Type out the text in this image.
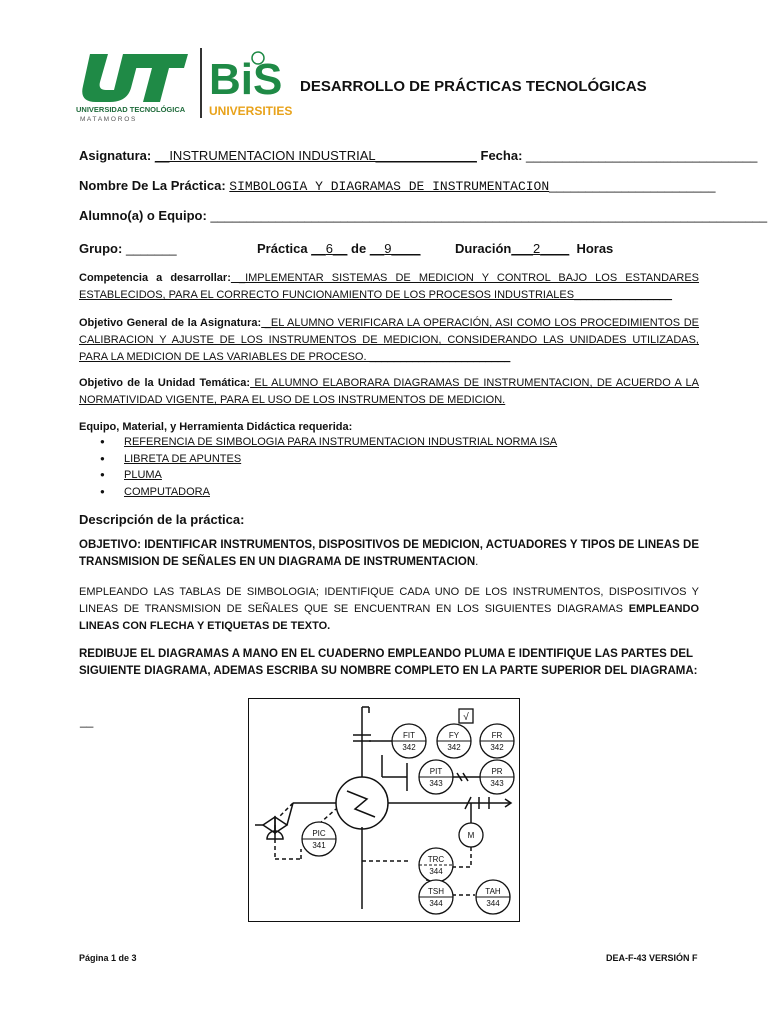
UNIVERSIDAD TECNOLÓGICA
M A T A M O R O S
BiS
UNIVERSITIES
DESARROLLO DE PRÁCTICAS TECNOLÓGICAS
Asignatura: __INSTRUMENTACION INDUSTRIAL______________ Fecha: ________________________________
Nombre De La Práctica: SIMBOLOGIA Y DIAGRAMAS DE INSTRUMENTACION_______________________
Alumno(a) o Equipo: _____________________________________________________________________________
Grupo: _______	Práctica __6__ de __9____	Duración___2____ Horas
Competencia a desarrollar: _IMPLEMENTAR SISTEMAS DE MEDICION Y CONTROL BAJO LOS ESTANDARES ESTABLECIDOS, PARA EL CORRECTO FUNCIONAMIENTO DE LOS PROCESOS INDUSTRIALES________________
Objetivo General de la Asignatura: _EL ALUMNO VERIFICARA LA OPERACIÓN, ASI COMO LOS PROCEDIMIENTOS DE CALIBRACION Y AJUSTE DE LOS INSTRUMENTOS DE MEDICION, CONSIDERANDO LAS UNIDADES UTILIZADAS, PARA LA MEDICION DE LAS VARIABLES DE PROCESO. _______________________
Objetivo de la Unidad Temática: EL ALUMNO ELABORARA DIAGRAMAS DE INSTRUMENTACION, DE ACUERDO A LA NORMATIVIDAD VIGENTE, PARA EL USO DE LOS INSTRUMENTOS DE MEDICION.
Equipo, Material, y Herramienta Didáctica requerida:
● REFERENCIA DE SIMBOLOGIA PARA INSTRUMENTACION INDUSTRIAL NORMA ISA
● LIBRETA DE APUNTES
● PLUMA
● COMPUTADORA
Descripción de la práctica:
OBJETIVO: IDENTIFICAR INSTRUMENTOS, DISPOSITIVOS DE MEDICION, ACTUADORES Y TIPOS DE LINEAS DE TRANSMISION DE SEÑALES EN UN DIAGRAMA DE INSTRUMENTACION.
EMPLEANDO LAS TABLAS DE SIMBOLOGIA; IDENTIFIQUE CADA UNO DE LOS INSTRUMENTOS, DISPOSITIVOS Y LINEAS DE TRANSMISION DE SEÑALES QUE SE ENCUENTRAN EN LOS SIGUIENTES DIAGRAMAS EMPLEANDO LINEAS CON FLECHA Y ETIQUETAS DE TEXTO.
REDIBUJE EL DIAGRAMAS A MANO EN EL CUADERNO EMPLEANDO PLUMA E IDENTIFIQUE LAS PARTES DEL SIGUIENTE DIAGRAMA, ADEMAS ESCRIBA SU NOMBRE COMPLETO EN LA PARTE SUPERIOR DEL DIAGRAMA:
__
FIT
342
FY
342
FR
342
PIT
343
PR
343
PIC
341
M
TRC
344
TSH
344
TAH
344
√
Página 1 de 3	DEA-F-43 VERSIÓN F
